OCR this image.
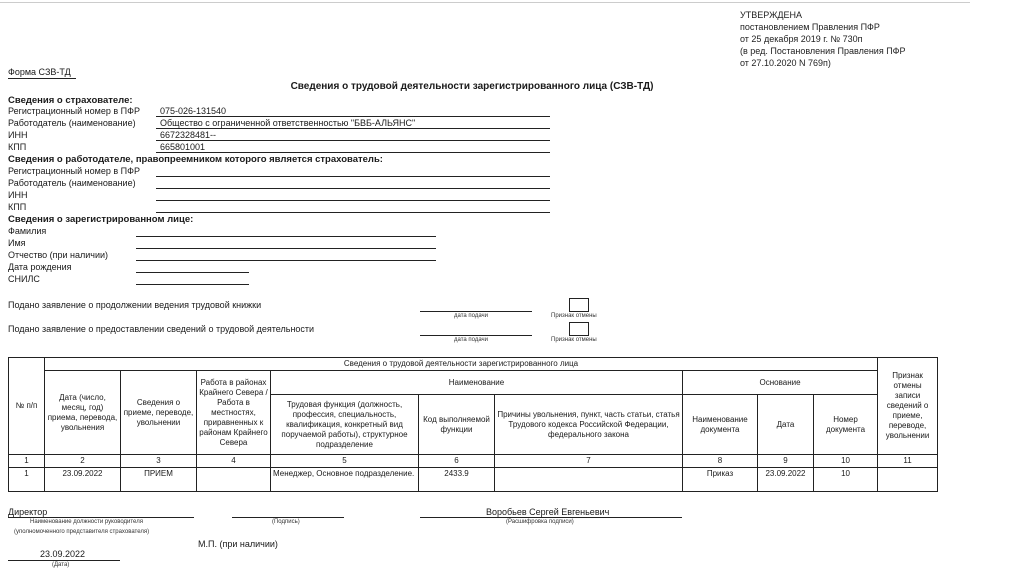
УТВЕРЖДЕНА
постановлением Правления ПФР
от 25 декабря 2019 г. № 730п
(в ред. Постановления Правления ПФР
от 27.10.2020 N 769п)
Форма СЗВ-ТД
Сведения о трудовой деятельности зарегистрированного лица (СЗВ-ТД)
Сведения о страхователе:
Регистрационный номер в ПФР 075-026-131540
Работодатель (наименование)	Общество с ограниченной ответственностью "БВБ-АЛЬЯНС"
ИНН	6672328481--
КПП	665801001
Сведения о работодателе, правопреемником которого является страхователь:
Регистрационный номер в ПФР
Работодатель (наименование)
ИНН
КПП
Сведения о зарегистрированном лице:
Фамилия
Имя
Отчество (при наличии)
Дата рождения
СНИЛС
Подано заявление о продолжении ведения трудовой книжки
дата подачи	Признак отмены
Подано заявление о предоставлении сведений о трудовой деятельности
дата подачи	Признак отмены
№ п/п	Сведения о трудовой деятельности зарегистрированного лица									Признак отмены записи сведений о приеме, переводе, увольнении
	Дата (число, месяц, год) приема, перевода, увольнения	Сведения о приеме, переводе, увольнении	Работа в районах Крайнего Севера / Работа в местностях, приравненных к районам Крайнего Севера	Наименование			Основание			
				Трудовая функция (должность, профессия, специальность, квалификация, конкретный вид поручаемой работы), структурное подразделение	Код выполняемой функции	Причины увольнения, пункт, часть статьи, статья Трудового кодекса Российской Федерации, федерального закона	Наименование документа	Дата	Номер документа	
1	2	3	4	5	6	7	8	9	10	11
1	23.09.2022	ПРИЕМ		Менеджер, Основное подразделение.	2433.9		Приказ	23.09.2022	10	
Директор
Наименование должности руководителя
(уполномоченного представителя страхователя)
(Подпись)
Воробьев Сергей Евгеньевич
(Расшифровка подписи)
М.П. (при наличии)
23.09.2022
(Дата)
